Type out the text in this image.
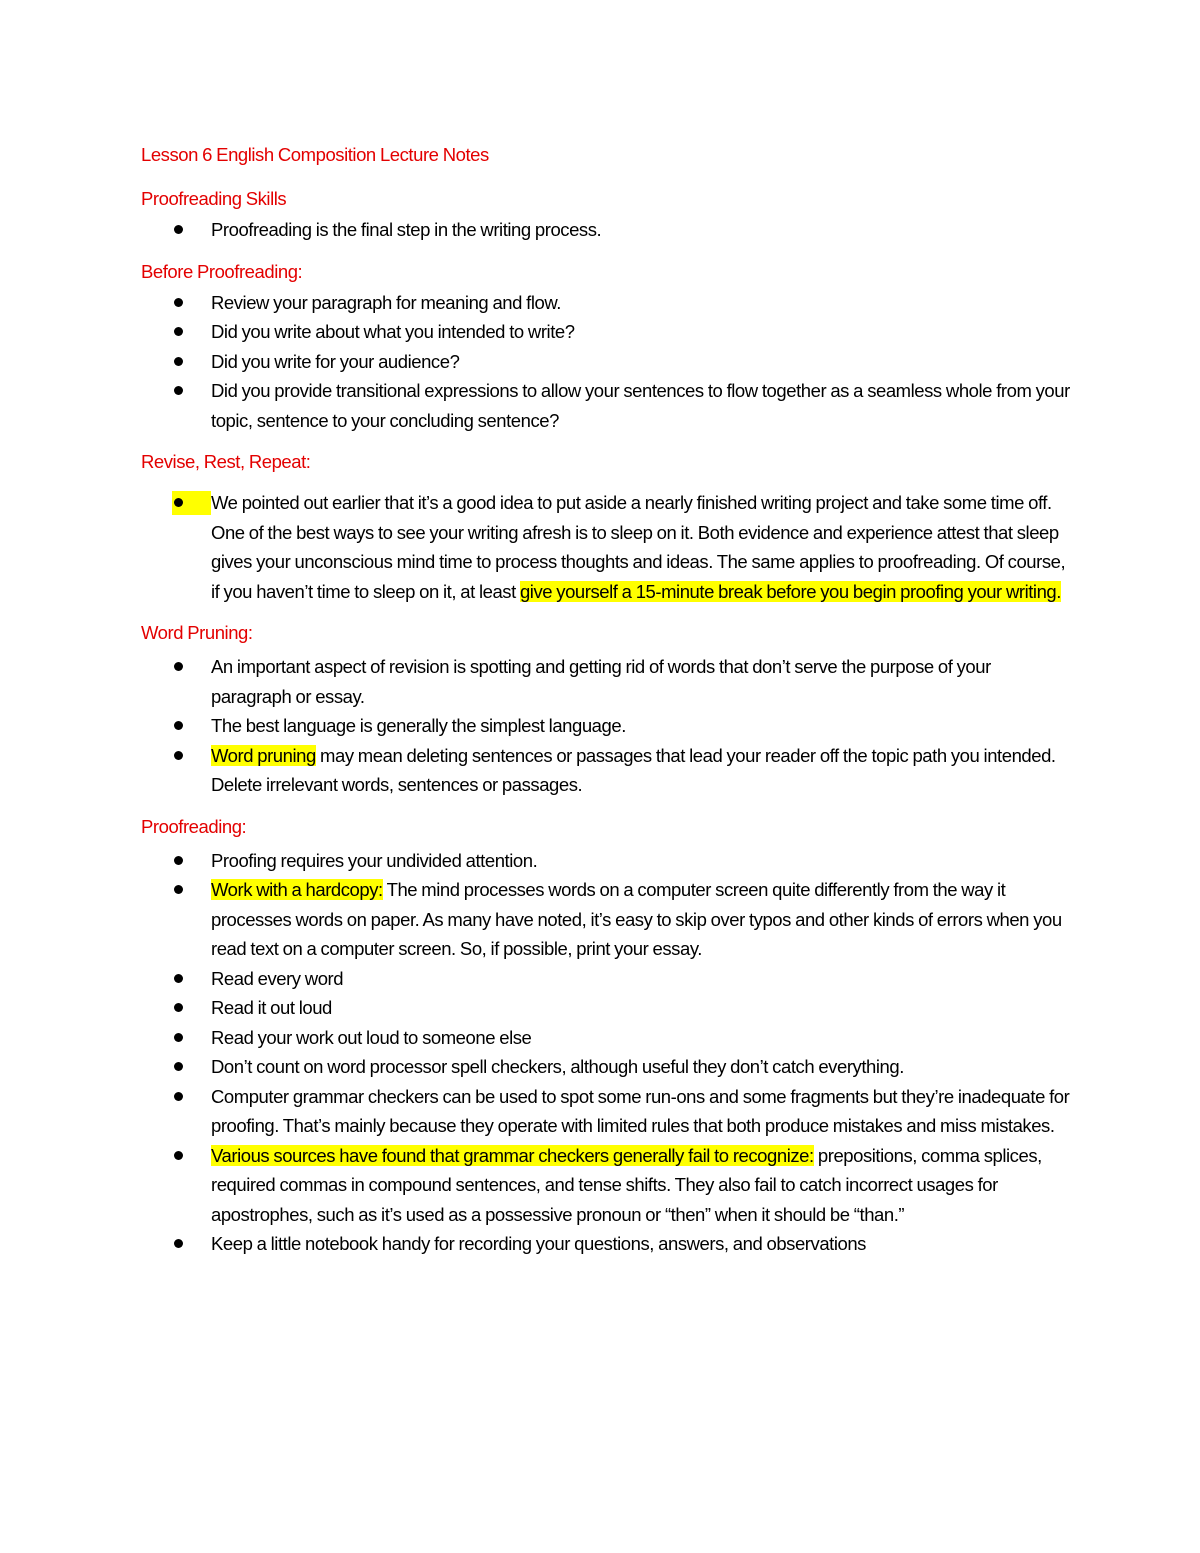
Lesson 6 English Composition Lecture Notes

Proofreading Skills

Proofreading is the final step in the writing process.

Before Proofreading:

Review your paragraph for meaning and flow.
Did you write about what you intended to write?
Did you write for your audience?
Did you provide transitional expressions to allow your sentences to flow together as a seamless whole from your topic, sentence to your concluding sentence?

Revise, Rest, Repeat:

We pointed out earlier that it’s a good idea to put aside a nearly finished writing project and take some time off. One of the best ways to see your writing afresh is to sleep on it. Both evidence and experience attest that sleep gives your unconscious mind time to process thoughts and ideas. The same applies to proofreading. Of course, if you haven’t time to sleep on it, at least give yourself a 15-minute break before you begin proofing your writing.

Word Pruning:

An important aspect of revision is spotting and getting rid of words that don’t serve the purpose of your paragraph or essay.
The best language is generally the simplest language.
Word pruning may mean deleting sentences or passages that lead your reader off the topic path you intended. Delete irrelevant words, sentences or passages.

Proofreading:

Proofing requires your undivided attention.
Work with a hardcopy: The mind processes words on a computer screen quite differently from the way it processes words on paper. As many have noted, it’s easy to skip over typos and other kinds of errors when you read text on a computer screen. So, if possible, print your essay.
Read every word
Read it out loud
Read your work out loud to someone else
Don’t count on word processor spell checkers, although useful they don’t catch everything.
Computer grammar checkers can be used to spot some run-ons and some fragments but they’re inadequate for proofing. That’s mainly because they operate with limited rules that both produce mistakes and miss mistakes.
Various sources have found that grammar checkers generally fail to recognize: prepositions, comma splices, required commas in compound sentences, and tense shifts. They also fail to catch incorrect usages for apostrophes, such as it’s used as a possessive pronoun or “then” when it should be “than.”
Keep a little notebook handy for recording your questions, answers, and observations
